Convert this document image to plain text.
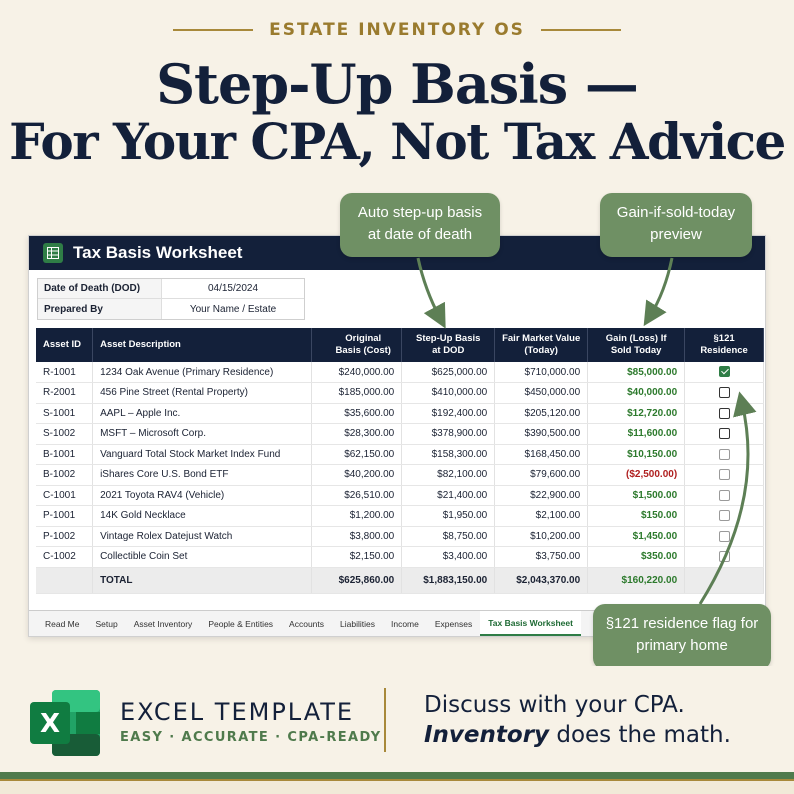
ESTATE INVENTORY OS
Step-Up Basis —
For Your CPA, Not Tax Advice
Tax Basis Worksheet
Date of Death (DOD)	04/15/2024
Prepared By	Your Name / Estate
Asset ID	Asset Description	Original Basis (Cost)	Step-Up Basis at DOD	Fair Market Value (Today)	Gain (Loss) If Sold Today	§121 Residence
R-1001	1234 Oak Avenue (Primary Residence)	$240,000.00	$625,000.00	$710,000.00	$85,000.00	
R-2001	456 Pine Street (Rental Property)	$185,000.00	$410,000.00	$450,000.00	$40,000.00	
S-1001	AAPL – Apple Inc.	$35,600.00	$192,400.00	$205,120.00	$12,720.00	
S-1002	MSFT – Microsoft Corp.	$28,300.00	$378,900.00	$390,500.00	$11,600.00	
B-1001	Vanguard Total Stock Market Index Fund	$62,150.00	$158,300.00	$168,450.00	$10,150.00	
B-1002	iShares Core U.S. Bond ETF	$40,200.00	$82,100.00	$79,600.00	($2,500.00)	
C-1001	2021 Toyota RAV4 (Vehicle)	$26,510.00	$21,400.00	$22,900.00	$1,500.00	
P-1001	14K Gold Necklace	$1,200.00	$1,950.00	$2,100.00	$150.00	
P-1002	Vintage Rolex Datejust Watch	$3,800.00	$8,750.00	$10,200.00	$1,450.00	
C-1002	Collectible Coin Set	$2,150.00	$3,400.00	$3,750.00	$350.00	
	TOTAL	$625,860.00	$1,883,150.00	$2,043,370.00	$160,220.00	
Read Me	Setup	Asset Inventory	People & Entities	Accounts	Liabilities	Income	Expenses	Tax Basis Worksheet
Auto step-up basis at date of death
Gain-if-sold-today preview
§121 residence flag for primary home
X EXCEL TEMPLATE
EASY · ACCURATE · CPA-READY
Discuss with your CPA.
Inventory does the math.
